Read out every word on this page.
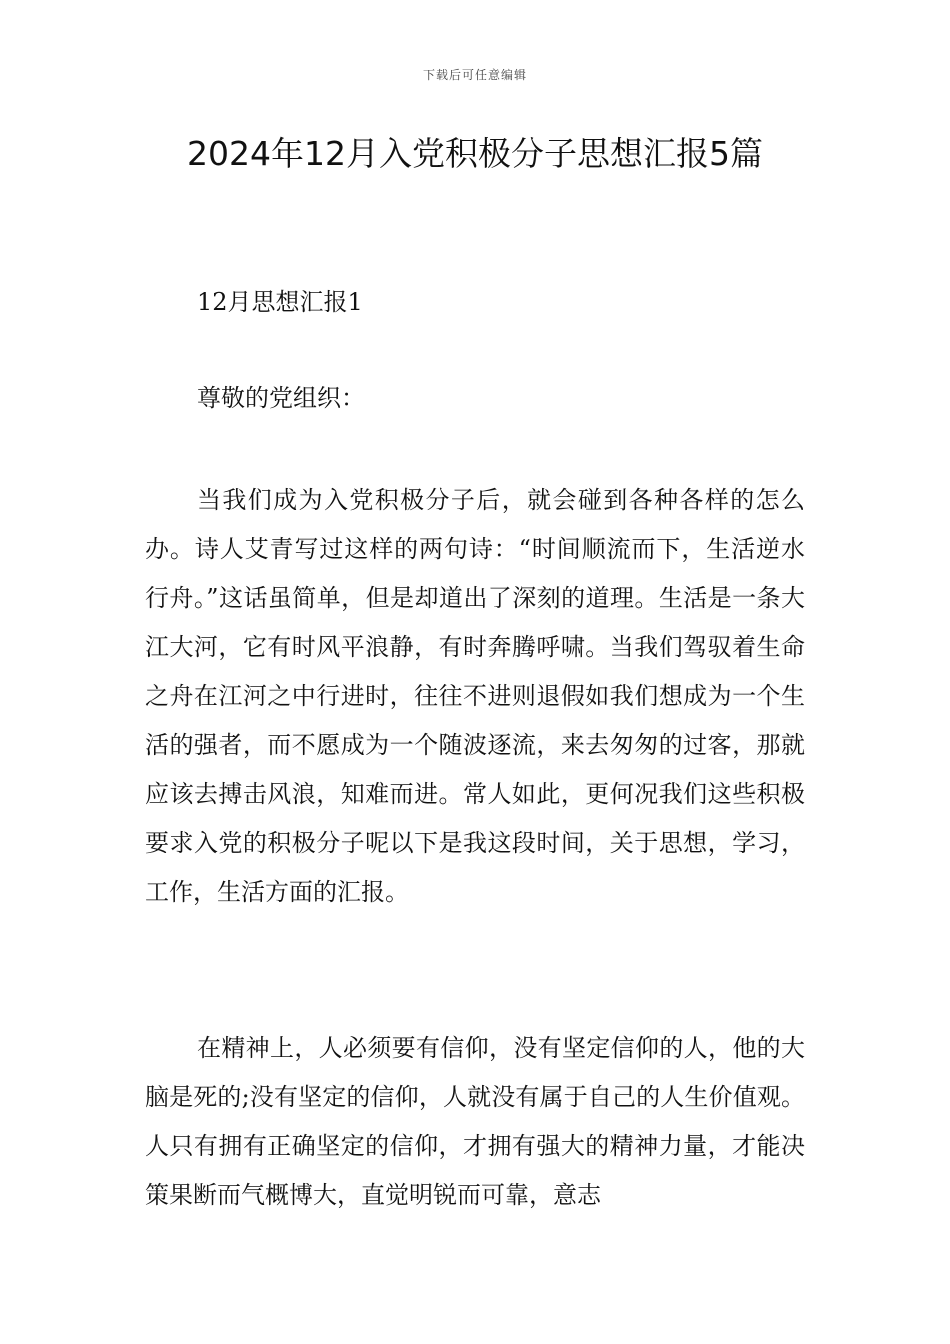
下载后可任意编辑
2024年12月入党积极分子思想汇报5篇
12月思想汇报1
尊敬的党组织：

当我们成为入党积极分子后，就会碰到各种各样的怎么办。诗人艾青写过这样的两句诗：“时间顺流而下，生活逆水行舟。”这话虽简单，但是却道出了深刻的道理。生活是一条大江大河，它有时风平浪静，有时奔腾呼啸。当我们驾驭着生命之舟在江河之中行进时，往往不进则退假如我们想成为一个生活的强者，而不愿成为一个随波逐流，来去匆匆的过客，那就应该去搏击风浪，知难而进。常人如此，更何况我们这些积极要求入党的积极分子呢以下是我这段时间，关于思想，学习，工作，生活方面的汇报。

在精神上，人必须要有信仰，没有坚定信仰的人，他的大脑是死的;没有坚定的信仰，人就没有属于自己的人生价值观。人只有拥有正确坚定的信仰，才拥有强大的精神力量，才能决策果断而气概博大，直觉明锐而可靠，意志
